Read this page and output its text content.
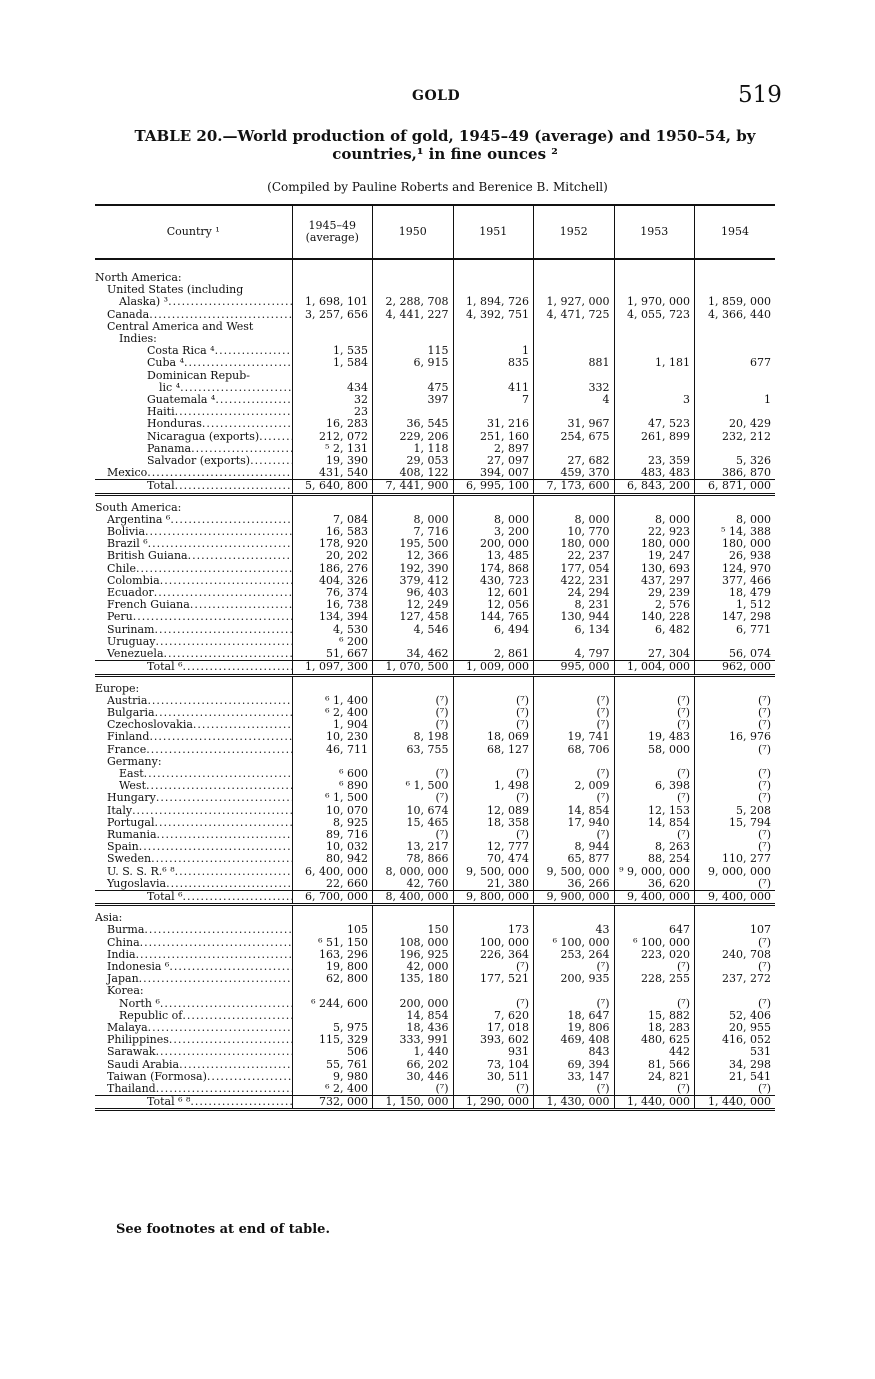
GOLD	519
TABLE 20.—World production of gold, 1945–49 (average) and 1950–54, by countries,¹ in fine ounces ²
(Compiled by Pauline Roberts and Berenice B. Mitchell)
Country ¹	1945–49 (average)	1950	1951	1952	1953	1954

North America:						
United States (including						
Alaska) ³ .....	1, 698, 101	2, 288, 708	1, 894, 726	1, 927, 000	1, 970, 000	1, 859, 000
Canada .....	3, 257, 656	4, 441, 227	4, 392, 751	4, 471, 725	4, 055, 723	4, 366, 440
Central America and West						
Indies:						
Costa Rica ⁴ .....	1, 535	115	1			
Cuba ⁴ .....	1, 584	6, 915	835	881	1, 181	677
Dominican Repub-						
lic ⁴ .....	434	475	411	332		
Guatemala ⁴ .....	32	397	7	4	3	1
Haiti .....	23					
Honduras .....	16, 283	36, 545	31, 216	31, 967	47, 523	20, 429
Nicaragua (exports) .....	212, 072	229, 206	251, 160	254, 675	261, 899	232, 212
Panama .....	⁵ 2, 131	1, 118	2, 897			
Salvador (exports) .....	19, 390	29, 053	27, 097	27, 682	23, 359	5, 326
Mexico .....	431, 540	408, 122	394, 007	459, 370	483, 483	386, 870
Total .....	5, 640, 800	7, 441, 900	6, 995, 100	7, 173, 600	6, 843, 200	6, 871, 000

South America:						
Argentina ⁶ .....	7, 084	8, 000	8, 000	8, 000	8, 000	8, 000
Bolivia .....	16, 583	7, 716	3, 200	10, 770	22, 923	⁵ 14, 388
Brazil ⁶ .....	178, 920	195, 500	200, 000	180, 000	180, 000	180, 000
British Guiana .....	20, 202	12, 366	13, 485	22, 237	19, 247	26, 938
Chile .....	186, 276	192, 390	174, 868	177, 054	130, 693	124, 970
Colombia .....	404, 326	379, 412	430, 723	422, 231	437, 297	377, 466
Ecuador .....	76, 374	96, 403	12, 601	24, 294	29, 239	18, 479
French Guiana .....	16, 738	12, 249	12, 056	8, 231	2, 576	1, 512
Peru .....	134, 394	127, 458	144, 765	130, 944	140, 228	147, 298
Surinam .....	4, 530	4, 546	6, 494	6, 134	6, 482	6, 771
Uruguay .....	⁶ 200					
Venezuela .....	51, 667	34, 462	2, 861	4, 797	27, 304	56, 074
Total ⁶ .....	1, 097, 300	1, 070, 500	1, 009, 000	995, 000	1, 004, 000	962, 000

Europe:						
Austria .....	⁶ 1, 400	(⁷)	(⁷)	(⁷)	(⁷)	(⁷)
Bulgaria .....	⁶ 2, 400	(⁷)	(⁷)	(⁷)	(⁷)	(⁷)
Czechoslovakia .....	1, 904	(⁷)	(⁷)	(⁷)	(⁷)	(⁷)
Finland .....	10, 230	8, 198	18, 069	19, 741	19, 483	16, 976
France .....	46, 711	63, 755	68, 127	68, 706	58, 000	(⁷)
Germany:						
East .....	⁶ 600	(⁷)	(⁷)	(⁷)	(⁷)	(⁷)
West .....	⁶ 890	⁶ 1, 500	1, 498	2, 009	6, 398	(⁷)
Hungary .....	⁶ 1, 500	(⁷)	(⁷)	(⁷)	(⁷)	(⁷)
Italy .....	10, 070	10, 674	12, 089	14, 854	12, 153	5, 208
Portugal .....	8, 925	15, 465	18, 358	17, 940	14, 854	15, 794
Rumania .....	89, 716	(⁷)	(⁷)	(⁷)	(⁷)	(⁷)
Spain .....	10, 032	13, 217	12, 777	8, 944	8, 263	(⁷)
Sweden .....	80, 942	78, 866	70, 474	65, 877	88, 254	110, 277
U. S. S. R.⁶ ⁸ .....	6, 400, 000	8, 000, 000	9, 500, 000	9, 500, 000	⁹ 9, 000, 000	9, 000, 000
Yugoslavia .....	22, 660	42, 760	21, 380	36, 266	36, 620	(⁷)
Total ⁶ .....	6, 700, 000	8, 400, 000	9, 800, 000	9, 900, 000	9, 400, 000	9, 400, 000

Asia:						
Burma .....	105	150	173	43	647	107
China .....	⁶ 51, 150	108, 000	100, 000	⁶ 100, 000	⁶ 100, 000	(⁷)
India .....	163, 296	196, 925	226, 364	253, 264	223, 020	240, 708
Indonesia ⁶ .....	19, 800	42, 000	(⁷)	(⁷)	(⁷)	(⁷)
Japan .....	62, 800	135, 180	177, 521	200, 935	228, 255	237, 272
Korea:						
North ⁶ .....	⁶ 244, 600	200, 000	(⁷)	(⁷)	(⁷)	(⁷)
Republic of .....		14, 854	7, 620	18, 647	15, 882	52, 406
Malaya .....	5, 975	18, 436	17, 018	19, 806	18, 283	20, 955
Philippines .....	115, 329	333, 991	393, 602	469, 408	480, 625	416, 052
Sarawak .....	506	1, 440	931	843	442	531
Saudi Arabia .....	55, 761	66, 202	73, 104	69, 394	81, 566	34, 298
Taiwan (Formosa) .....	9, 980	30, 446	30, 511	33, 147	24, 821	21, 541
Thailand .....	⁶ 2, 400	(⁷)	(⁷)	(⁷)	(⁷)	(⁷)
Total ⁶ ⁸ .....	732, 000	1, 150, 000	1, 290, 000	1, 430, 000	1, 440, 000	1, 440, 000
See footnotes at end of table.
